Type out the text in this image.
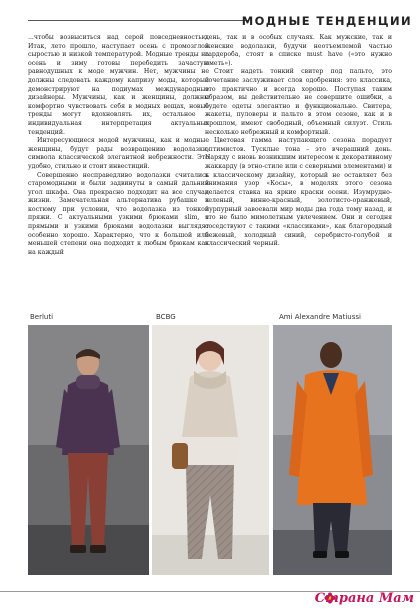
МОДНЫЕ ТЕНДЕНЦИИ

...чтобы возвыситься над серой повседневностью. Итак, лето прошло, наступает осень с промозглой сыростью и низкой температурой. Модные тренды на осень и зиму готовы перебедить зачастую равнодушных к моде мужчин. Нет, мужчины не должны следовать каждому капризу моды, который демонстрируют на подиумах международные дизайнеры. Мужчины, как и женщины, должны комфортно чувствовать себя в модных вещах, новые тренды могут вдохновлять их, остальное – индивидуальная интерпретация актуальных тенденций.

Интересующиеся модой мужчины, как и модные женщины, будут рады возвращению водолазки, символа классической элегантной небрежности. Это удобно, стильно и стоит инвестиций.

Совершенно несправедливо водолазки считались старомодными и были задвинуты в самый дальний угол шкафа. Она прекрасно подходит на все случаи жизни. Замечательная альтернатива рубашке к костюму при условии, что водолазка из тонкой пряжи. С актуальными узкими брюками slim, с прямыми и узкими брюками водолазки выглядят особенно хорошо. Характерно, что к большой или меньшей степени она подходит к любым брюкам как на каждый

день, так и в особых случаях. Как мужские, так и женские водолазки, будучи неотъемлемой частью гардероба, стоят в списке must have («это нужно иметь»).

Стоит надеть тонкий свитер под пальто, это сочетание заслуживает слов одобрения: это классика, это практично и всегда хорошо. Поступая таким образом, вы действительно не совершите ошибки, а будете одеты элегантно и функционально. Свитера, жакеты, пуловеры и пальто в этом сезоне, как и в прошлом, имеют свободный, объемный силуэт. Стиль несколько небрежный и комфортный.

Цветовая гамма наступающего сезона порадует оптимистов. Тусклые тона – это вчерашний день. Наряду с вновь возникшим интересом к декоративному жаккарду (в этно-стиле или с северными элементами) и к классическому дизайну, который не оставляет без внимания узор «Косы», в моделях этого сезона делается ставка на яркие краски осени. Изумрудно-зеленый, винно-красный, золотисто-оранжевый, пурпурный завоевали мир моды два года тому назад, и это не было мимолетным увлечением. Они и сегодня соседствуют с такими «классиками», как благородный бежевый, холодный синий, серебристо-голубой и классический черный.

Berluti	BCBG	Ami Alexandre Matiussi
Страна Мам
